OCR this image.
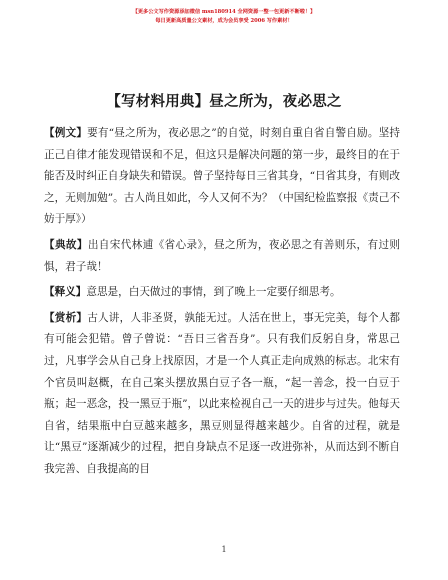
【更多公文写作资源添加微信 msn180914 全网资源一整一包更新不断啦！】
每日更新高质量公文素材，成为会员享受 2006 写作素材！
【写材料用典】昼之所为，夜必思之

【例文】要有“昼之所为，夜必思之”的自觉，时刻自重自省自警自励。坚持正己自律才能发现错误和不足，但这只是解决问题的第一步，最终目的在于能否及时纠正自身缺失和错误。曾子坚持每日三省其身，“日省其身，有则改之，无则加勉”。古人尚且如此，今人又何不为？（中国纪检监察报《责己不妨于厚》）

【典故】出自宋代林逋《省心录》，昼之所为，夜必思之有善则乐，有过则惧，君子哉！

【释义】意思是，白天做过的事情，到了晚上一定要仔细思考。

【赏析】古人讲，人非圣贤，孰能无过。人活在世上，事无完美，每个人都有可能会犯错。曾子曾说：“吾日三省吾身”。只有我们反躬自身，常思己过，凡事学会从自己身上找原因，才是一个人真正走向成熟的标志。北宋有个官员叫赵概，在自己案头摆放黑白豆子各一瓶，“起一善念，投一白豆于瓶；起一恶念，投一黑豆于瓶”，以此来检视自己一天的进步与过失。他每天自省，结果瓶中白豆越来越多，黑豆则显得越来越少。自省的过程，就是让“黑豆”逐渐减少的过程，把自身缺点不足逐一改进弥补，从而达到不断自我完善、自我提高的目

1
